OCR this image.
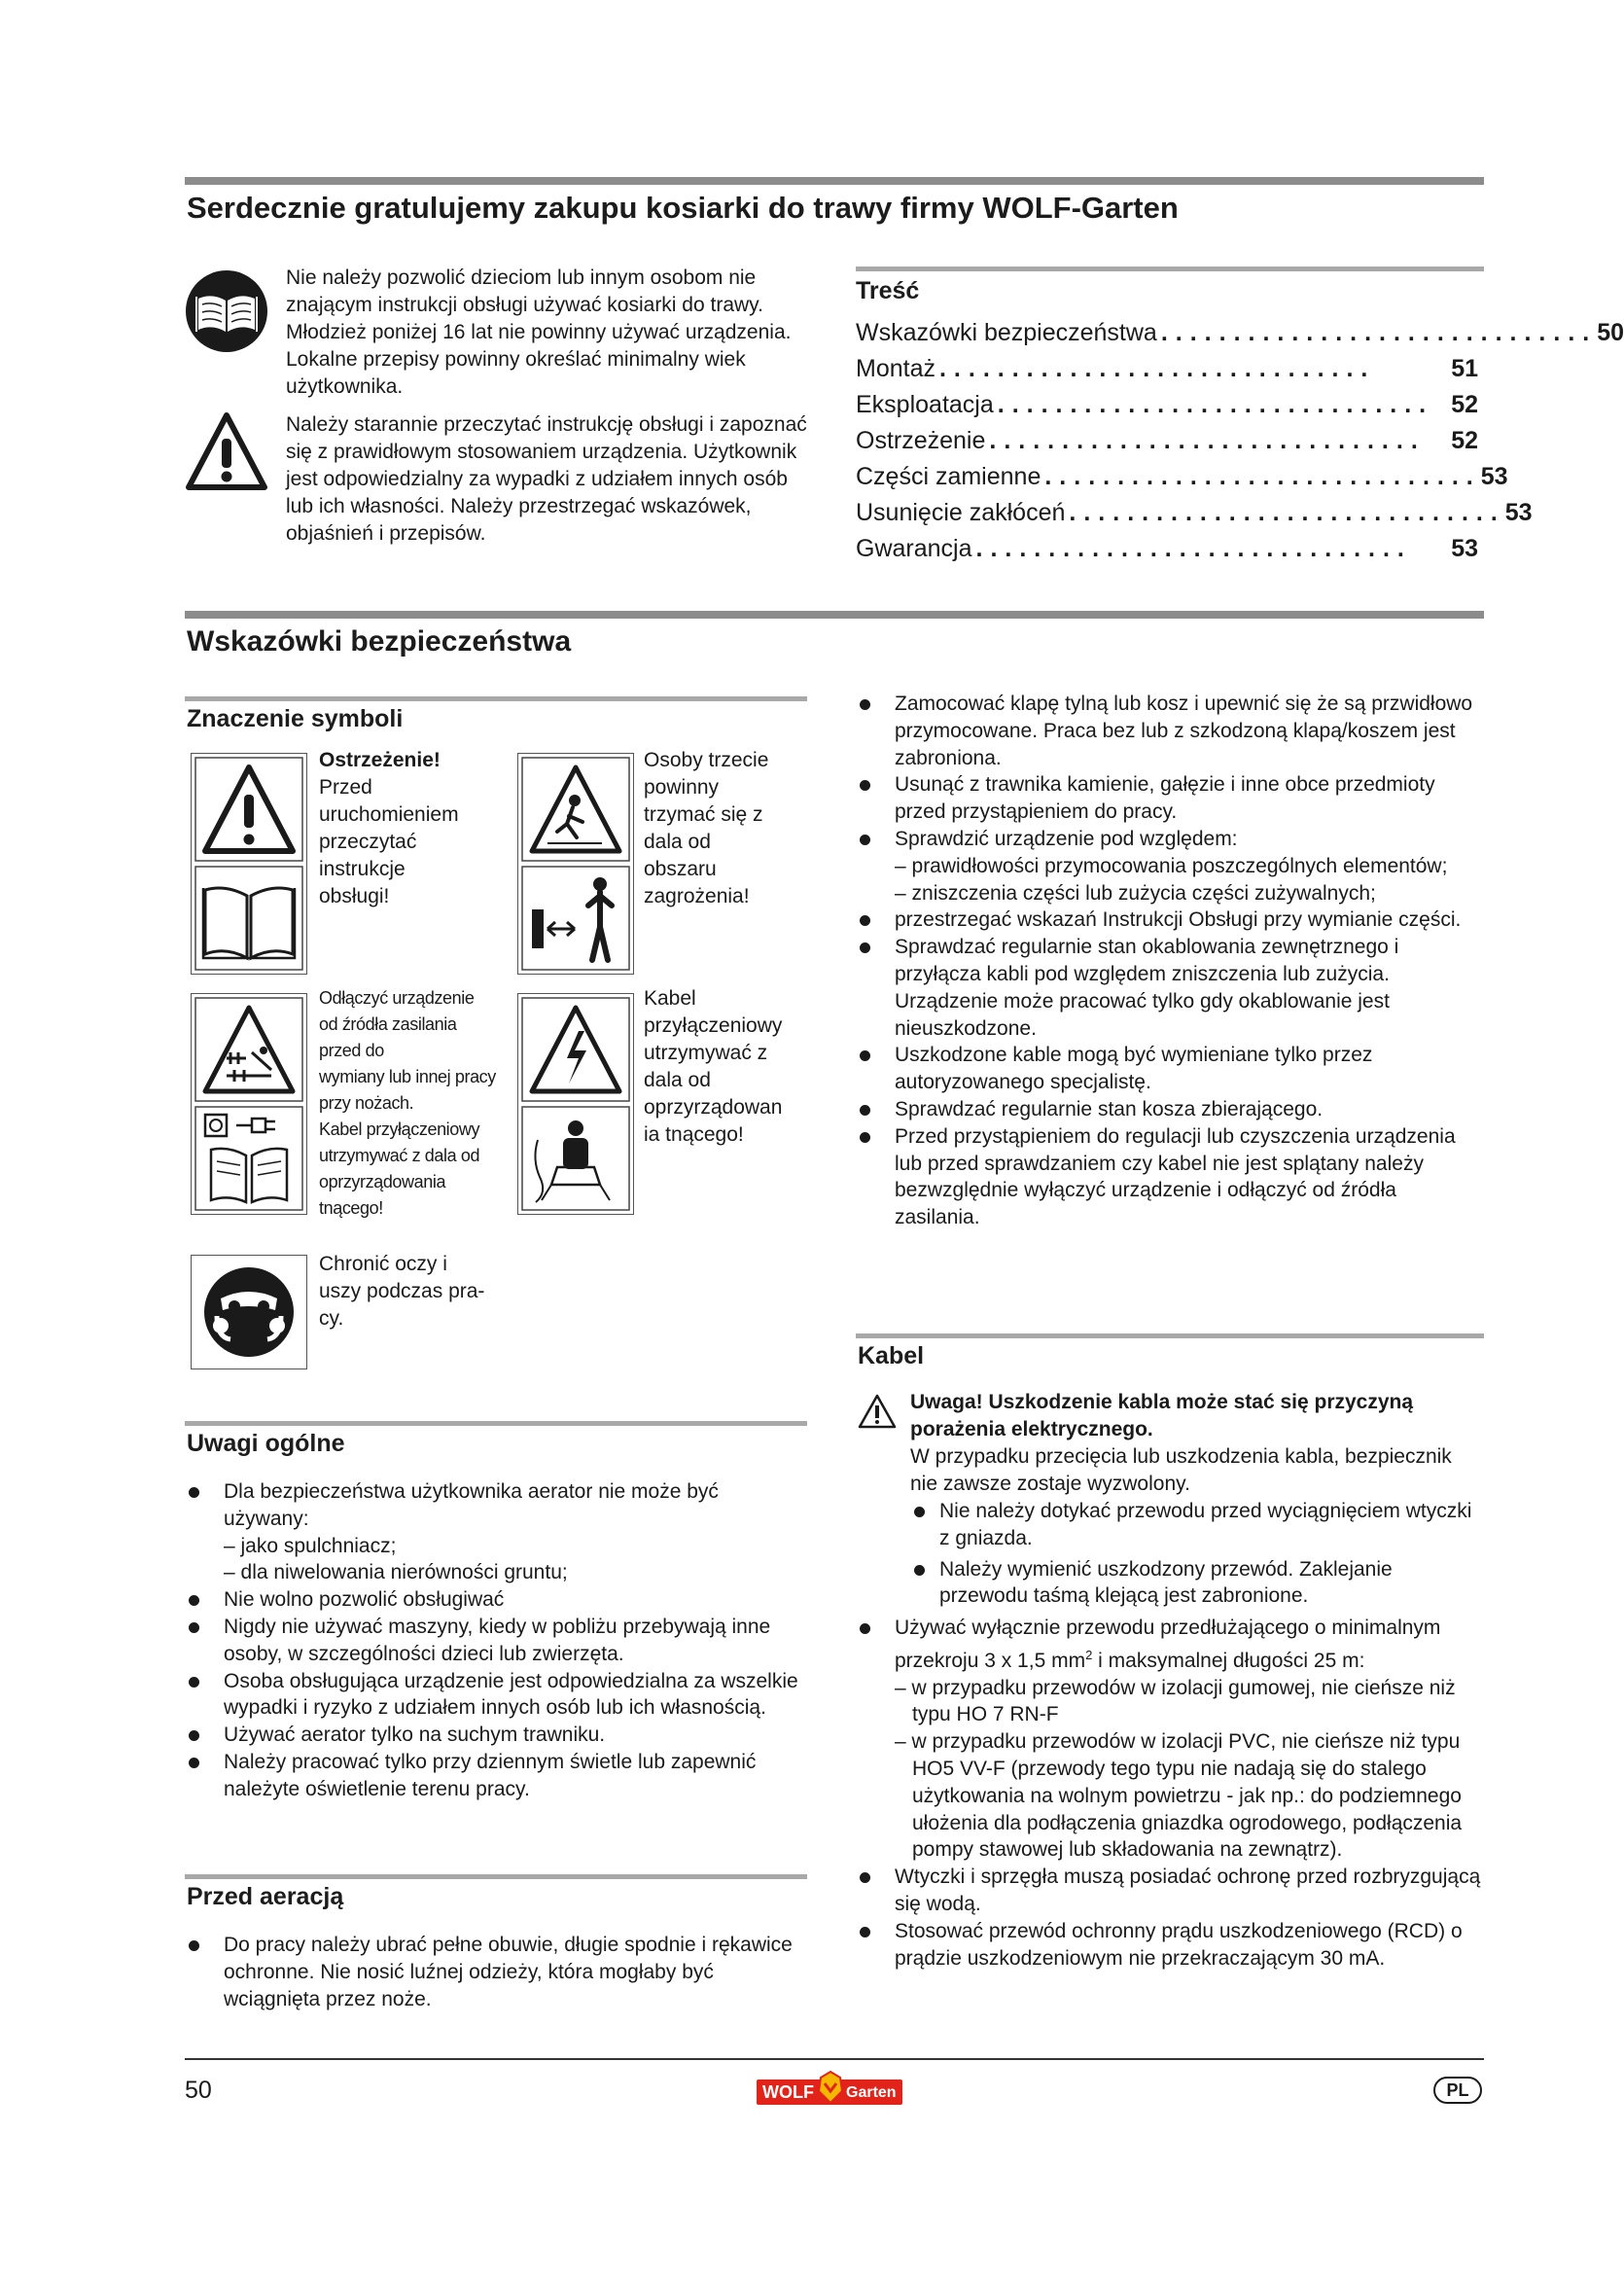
Serdecznie gratulujemy zakupu kosiarki do trawy firmy WOLF-Garten
Nie należy pozwolić dzieciom lub innym osobom nie znającym instrukcji obsługi używać kosiarki do trawy. Młodzież poniżej 16 lat nie powinny używać urządzenia. Lokalne przepisy powinny określać minimalny wiek użytkownika.
Należy starannie przeczytać instrukcję obsługi i zapoznać się z prawidłowym stosowaniem urządzenia. Użytkownik jest odpowiedzialny za wypadki z udziałem innych osób lub ich własności. Należy przestrzegać wskazówek, objaśnień i przepisów.
Treść
Wskazówki bezpieczeństwa .............................. 50
Montaż ..............................	51
Eksploatacja .............................. 52
Ostrzeżenie ..............................	52
Części zamienne .............................. 53
Usunięcie zakłóceń .............................. 53
Gwarancja ..............................	53
Wskazówki bezpieczeństwa
Znaczenie symboli
Ostrzeżenie!
Przed
uruchomieniem
przeczytać
instrukcje
obsługi!
Osoby trzecie
powinny
trzymać się z
dala od
obszaru
zagrożenia!
Odłączyć urządzenie
od źródła zasilania
przed do
wymiany lub innej pracy
przy nożach.
Kabel przyłączeniowy
utrzymywać z dala od
oprzyrządowania
tnącego!
Kabel
przyłączeniowy
utrzymywać z
dala od
oprzyrządowan
ia tnącego!
Chronić oczy i
uszy podczas pra-
cy.
Uwagi ogólne
Dla bezpieczeństwa użytkownika aerator nie może być używany:
– jako spulchniacz;
– dla niwelowania nierówności gruntu;
Nie wolno pozwolić obsługiwać
Nigdy nie używać maszyny, kiedy w pobliżu przebywają inne osoby, w szczególności dzieci lub zwierzęta.
Osoba obsługująca urządzenie jest odpowiedzialna za wszelkie wypadki i ryzyko z udziałem innych osób lub ich własnością.
Używać aerator tylko na suchym trawniku.
Należy pracować tylko przy dziennym świetle lub zapewnić należyte oświetlenie terenu pracy.
Przed aeracją
Do pracy należy ubrać pełne obuwie, długie spodnie i rękawice ochronne. Nie nosić luźnej odzieży, która mogłaby być wciągnięta przez noże.
Zamocować klapę tylną lub kosz i upewnić się że są przwidłowo przymocowane. Praca bez lub z szkodzoną klapą/koszem jest zabroniona.
Usunąć z trawnika kamienie, gałęzie i inne obce przedmioty przed przystąpieniem do pracy.
Sprawdzić urządzenie pod względem:
– prawidłowości przymocowania poszczególnych elementów;
– zniszczenia części lub zużycia części zużywalnych;
przestrzegać wskazań Instrukcji Obsługi przy wymianie części.
Sprawdzać regularnie stan okablowania zewnętrznego i przyłącza kabli pod względem zniszczenia lub zużycia. Urządzenie może pracować tylko gdy okablowanie jest nieuszkodzone.
Uszkodzone kable mogą być wymieniane tylko przez autoryzowanego specjalistę.
Sprawdzać regularnie stan kosza zbierającego.
Przed przystąpieniem do regulacji lub czyszczenia urządzenia lub przed sprawdzaniem czy kabel nie jest splątany należy bezwzględnie wyłączyć urządzenie i odłączyć od źródła zasilania.
Kabel
Uwaga! Uszkodzenie kabla może stać się przyczyną porażenia elektrycznego.
W przypadku przecięcia lub uszkodzenia kabla, bezpiecznik nie zawsze zostaje wyzwolony.
Nie należy dotykać przewodu przed wyciągnięciem wtyczki z gniazda.
Należy wymienić uszkodzony przewód. Zaklejanie przewodu taśmą klejącą jest zabronione.
Używać wyłącznie przewodu przedłużającego o minimalnym przekroju 3 x 1,5 $mm^2$ i maksymalnej długości 25 m:
– w przypadku przewodów w izolacji gumowej, nie cieńsze niż typu HO 7 RN-F
– w przypadku przewodów w izolacji PVC, nie cieńsze niż typu HO5 VV-F (przewody tego typu nie nadają się do stalego użytkowania na wolnym powietrzu - jak np.: do podziemnego ułożenia dla podłączenia gniazdka ogrodowego, podłączenia pompy stawowej lub składowania na zewnątrz).
Wtyczki i sprzęgła muszą posiadać ochronę przed rozbryzgującą się wodą.
Stosować przewód ochronny prądu uszkodzeniowego (RCD) o prądzie uszkodzeniowym nie przekraczającym 30 mA.
50	WOLF Garten	PL
